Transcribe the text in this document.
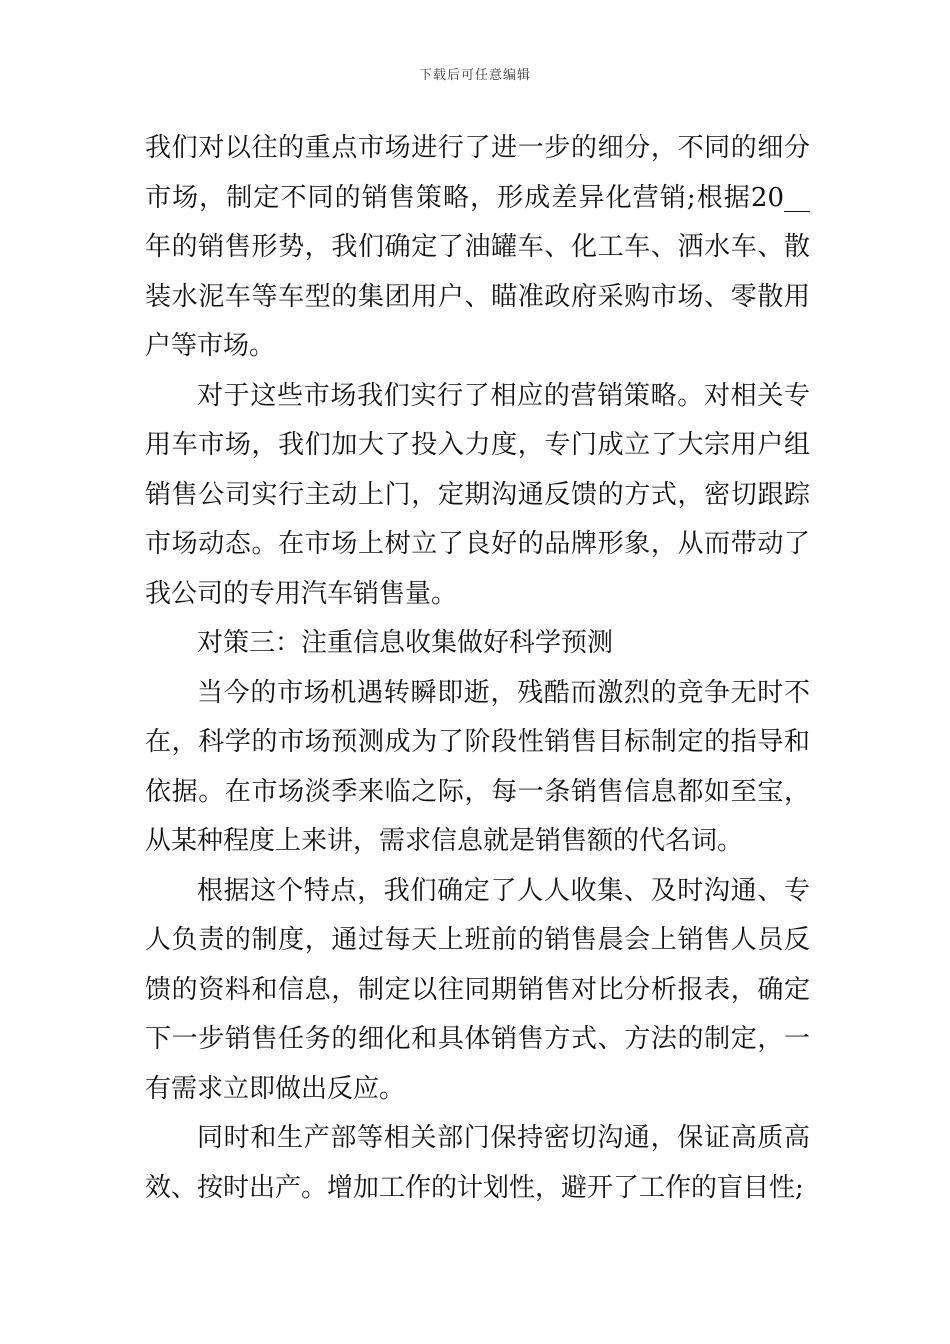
下载后可任意编辑

我们对以往的重点市场进行了进一步的细分，不同的细分市场，制定不同的销售策略，形成差异化营销;根据20__年的销售形势，我们确定了油罐车、化工车、洒水车、散装水泥车等车型的集团用户、瞄准政府采购市场、零散用户等市场。

对于这些市场我们实行了相应的营销策略。对相关专用车市场，我们加大了投入力度，专门成立了大宗用户组销售公司实行主动上门，定期沟通反馈的方式，密切跟踪市场动态。在市场上树立了良好的品牌形象，从而带动了我公司的专用汽车销售量。

对策三：注重信息收集做好科学预测

当今的市场机遇转瞬即逝，残酷而激烈的竞争无时不在，科学的市场预测成为了阶段性销售目标制定的指导和依据。在市场淡季来临之际，每一条销售信息都如至宝，从某种程度上来讲，需求信息就是销售额的代名词。

根据这个特点，我们确定了人人收集、及时沟通、专人负责的制度，通过每天上班前的销售晨会上销售人员反馈的资料和信息，制定以往同期销售对比分析报表，确定下一步销售任务的细化和具体销售方式、方法的制定，一有需求立即做出反应。

同时和生产部等相关部门保持密切沟通，保证高质高效、按时出产。增加工作的计划性，避开了工作的盲目性;
